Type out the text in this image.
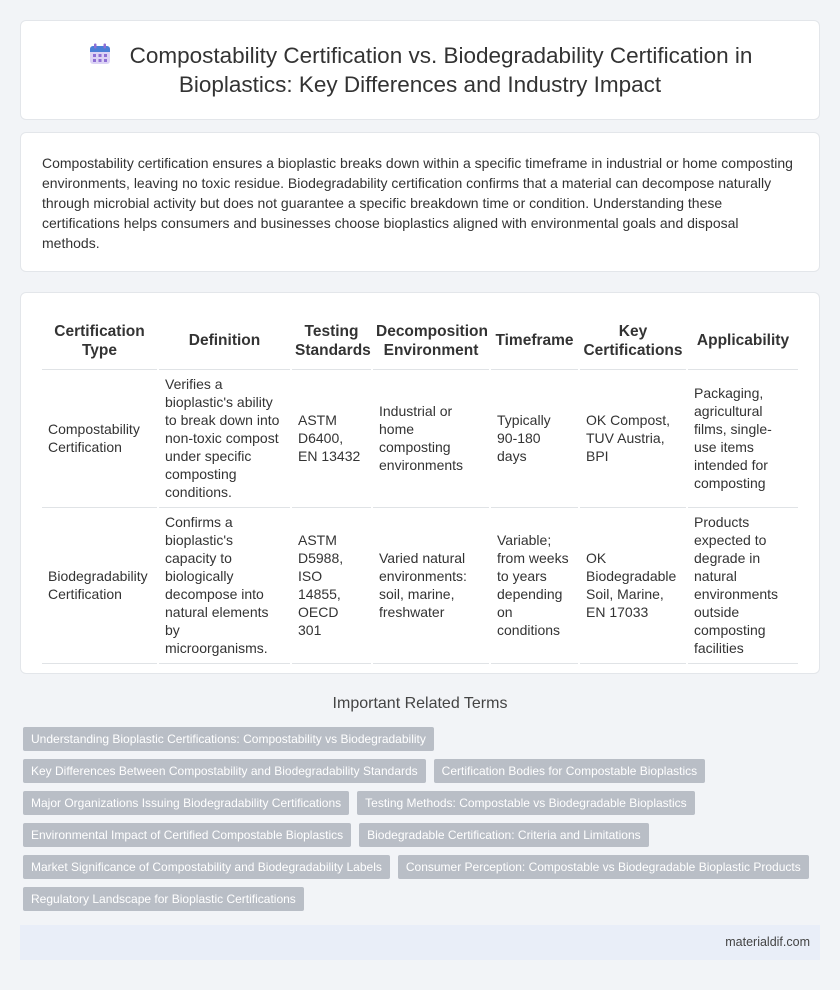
Compostability Certification vs. Biodegradability Certification in Bioplastics: Key Differences and Industry Impact

Compostability certification ensures a bioplastic breaks down within a specific timeframe in industrial or home composting environments, leaving no toxic residue. Biodegradability certification confirms that a material can decompose naturally through microbial activity but does not guarantee a specific breakdown time or condition. Understanding these certifications helps consumers and businesses choose bioplastics aligned with environmental goals and disposal methods.

Certification Type	Definition	Testing Standards	Decomposition Environment	Timeframe	Key Certifications	Applicability
Compostability Certification	Verifies a bioplastic's ability to break down into non-toxic compost under specific composting conditions.	ASTM D6400, EN 13432	Industrial or home composting environments	Typically 90-180 days	OK Compost, TUV Austria, BPI	Packaging, agricultural films, single-use items intended for composting
Biodegradability Certification	Confirms a bioplastic's capacity to biologically decompose into natural elements by microorganisms.	ASTM D5988, ISO 14855, OECD 301	Varied natural environments: soil, marine, freshwater	Variable; from weeks to years depending on conditions	OK Biodegradable Soil, Marine, EN 17033	Products expected to degrade in natural environments outside composting facilities
Important Related Terms
Understanding Bioplastic Certifications: Compostability vs Biodegradability
Key Differences Between Compostability and Biodegradability Standards	Certification Bodies for Compostable Bioplastics
Major Organizations Issuing Biodegradability Certifications	Testing Methods: Compostable vs Biodegradable Bioplastics
Environmental Impact of Certified Compostable Bioplastics	Biodegradable Certification: Criteria and Limitations
Market Significance of Compostability and Biodegradability Labels	Consumer Perception: Compostable vs Biodegradable Bioplastic Products
Regulatory Landscape for Bioplastic Certifications
materialdif.com
